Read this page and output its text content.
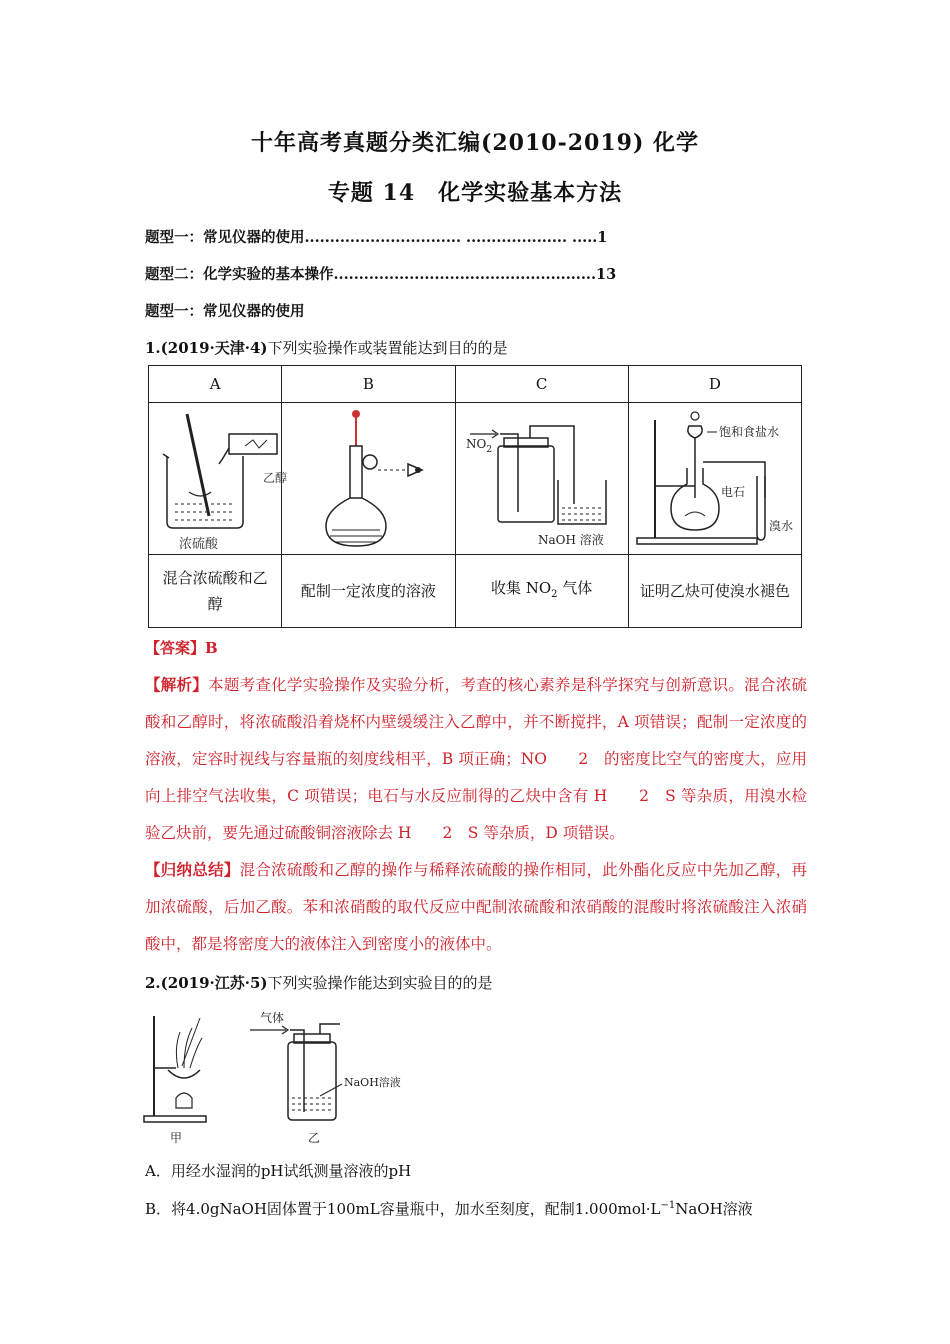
十年高考真题分类汇编(2010-2019) 化学
专题 14　化学实验基本方法
题型一：常见仪器的使用............................... .................... .....1
题型二：化学实验的基本操作....................................................13
题型一：常见仪器的使用
1.(2019·天津·4)下列实验操作或装置能达到目的的是
A	B	C	D

乙醇
浓硫酸		$NO_2$
NaOH 溶液	饱和食盐水
电石
溴水

混合浓硫酸和乙
醇	配制一定浓度的溶液	收集 $NO_2$ 气体	证明乙炔可使溴水褪色
【答案】B
【解析】本题考查化学实验操作及实验分析，考查的核心素养是科学探究与创新意识。混合浓硫酸和乙醇时，将浓硫酸沿着烧杯内壁缓缓注入乙醇中，并不断搅拌，A 项错误；配制一定浓度的溶液，定容时视线与容量瓶的刻度线相平，B 项正确；NO　　2　的密度比空气的密度大，应用向上排空气法收集，C 项错误；电石与水反应制得的乙炔中含有 H　　2　S 等杂质，用溴水检验乙炔前，要先通过硫酸铜溶液除去 H　　2　S 等杂质，D 项错误。
【归纳总结】混合浓硫酸和乙醇的操作与稀释浓硫酸的操作相同，此外酯化反应中先加乙醇，再加浓硫酸，后加乙酸。苯和浓硝酸的取代反应中配制浓硫酸和浓硝酸的混酸时将浓硫酸注入浓硝酸中，都是将密度大的液体注入到密度小的液体中。
2.(2019·江苏·5)下列实验操作能达到实验目的的是
甲
气体
NaOH溶液
乙
A．用经水湿润的pH试纸测量溶液的pH
B．将4.0gNaOH固体置于100mL容量瓶中，加水至刻度，配制$1.000mol\cdot L^{-1}NaOH$溶液
